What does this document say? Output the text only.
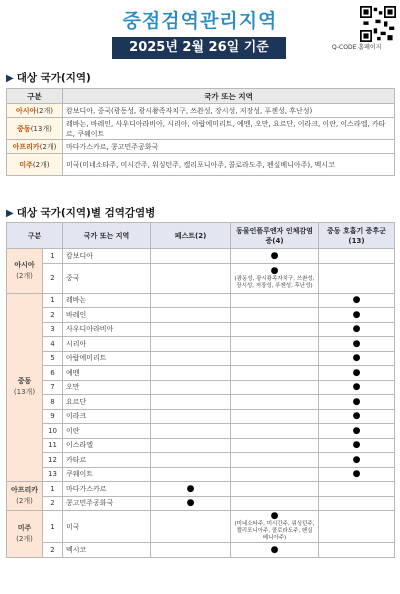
중점검역관리지역
2025년 2월 26일 기준	Q-CODE 홈페이지
▶ 대상 국가(지역)
구분	국가 또는 지역
아시아(2개)	캄보디아, 중국(광동성, 광시좡족자치구, 쓰촨성, 장시성, 저장성, 푸젠성, 후난성)
중동(13개)	레바논, 바레인, 사우디아라비아, 시리아, 아랍에미리트, 예멘, 오만, 요르단, 이라크, 이란, 이스라엘, 카타르, 쿠웨이트
아프리카(2개)	마다가스카르, 콩고민주공화국
미주(2개)	미국(미네소타주, 미시간주, 워싱턴주, 캘리포니아주, 콜로라도주, 펜실베니아주), 멕시코
▶ 대상 국가(지역)별 검역감염병
구분		국가 또는 지역	페스트(2)	동물인플루엔자 인체감염증(4)	중동 호흡기 증후군(13)
아시아
(2개)	1	캄보디아		●	
	2	중국		●
(광동성, 광시좡족자치구, 쓰촨성, 장시성, 저장성, 푸젠성, 후난성)	

중동
(13개)	1	레바논			●
	2	바레인			●
	3	사우디아라비아			●
	4	시리아			●
	5	아랍에미리트			●
	6	예멘			●
	7	오만			●
	8	요르단			●
	9	이라크			●
	10	이란			●
	11	이스라엘			●
	12	카타르			●
	13	쿠웨이트			●
아프리카
(2개)	1	마다가스카르	●		
	2	콩고민주공화국	●		
미주
(2개)	1	미국		●
(미네소타주, 미시간주, 워싱턴주, 캘리포니아주, 콜로라도주, 펜실베니아주)	

	2	멕시코		●	
